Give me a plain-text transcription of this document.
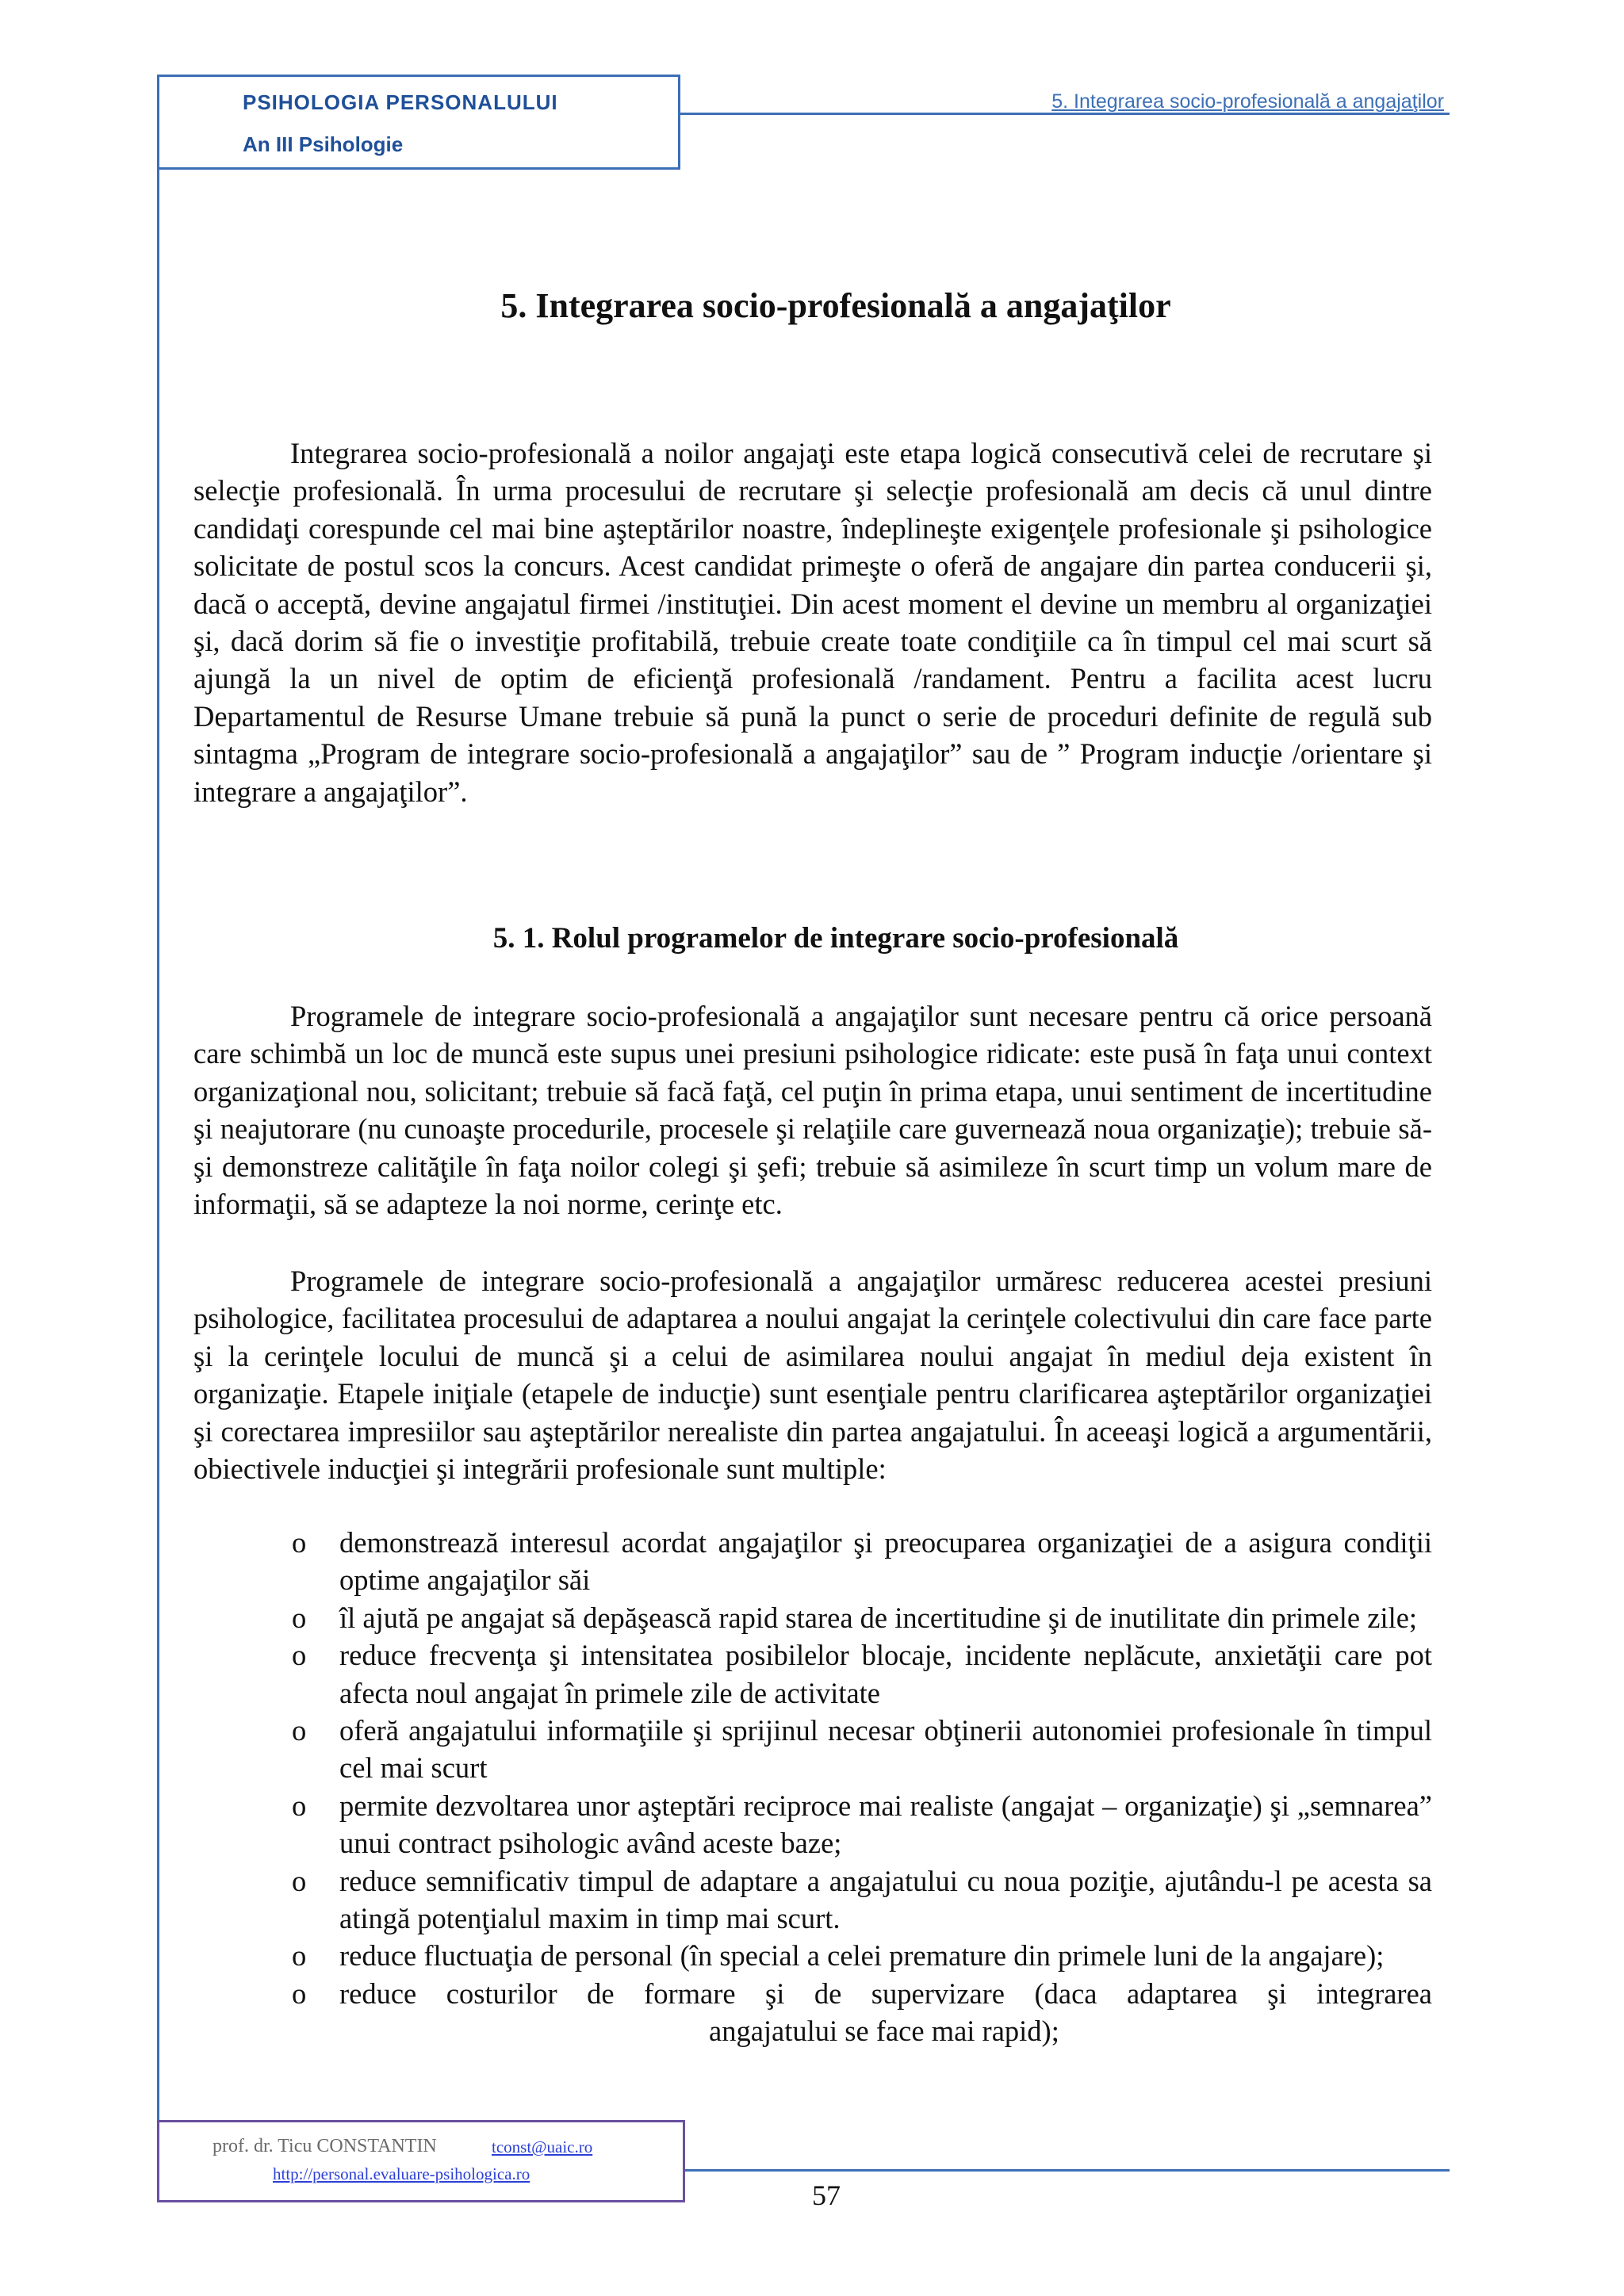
PSIHOLOGIA PERSONALULUI
An III Psihologie
5. Integrarea socio-profesională a angajaţilor
5. Integrarea socio-profesională a angajaţilor

Integrarea socio-profesională a noilor angajaţi este etapa logică consecutivă celei de recrutare şi selecţie profesională. În urma procesului de recrutare şi selecţie profesională am decis că unul dintre candidaţi corespunde cel mai bine aşteptărilor noastre, îndeplineşte exigenţele profesionale şi psihologice solicitate de postul scos la concurs. Acest candidat primeşte o oferă de angajare din partea conducerii şi, dacă o acceptă, devine angajatul firmei /instituţiei. Din acest moment el devine un membru al organizaţiei şi, dacă dorim să fie o investiţie profitabilă, trebuie create toate condiţiile ca în timpul cel mai scurt să ajungă la un nivel de optim de eficienţă profesională /randament. Pentru a facilita acest lucru Departamentul de Resurse Umane trebuie să pună la punct o serie de proceduri definite de regulă sub sintagma „Program de integrare socio-profesională a angajaţilor” sau de ” Program inducţie /orientare şi integrare a angajaţilor”.

5. 1. Rolul programelor de integrare socio-profesională

Programele de integrare socio-profesională a angajaţilor sunt necesare pentru că orice persoană care schimbă un loc de muncă este supus unei presiuni psihologice ridicate: este pusă în faţa unui context organizaţional nou, solicitant; trebuie să facă faţă, cel puţin în prima etapa, unui sentiment de incertitudine şi neajutorare (nu cunoaşte procedurile, procesele şi relaţiile care guvernează noua organizaţie); trebuie să-şi demonstreze calităţile în faţa noilor colegi şi şefi; trebuie să asimileze în scurt timp un volum mare de informaţii, să se adapteze la noi norme, cerinţe etc.

Programele de integrare socio-profesională a angajaţilor urmăresc reducerea acestei presiuni psihologice, facilitatea procesului de adaptarea a noului angajat la cerinţele colectivului din care face parte şi la cerinţele locului de muncă şi a celui de asimilarea noului angajat în mediul deja existent în organizaţie. Etapele iniţiale (etapele de inducţie) sunt esenţiale pentru clarificarea aşteptărilor organizaţiei şi corectarea impresiilor sau aşteptărilor nerealiste din partea angajatului. În aceeaşi logică a argumentării, obiectivele inducţiei şi integrării profesionale sunt multiple:

o demonstrează interesul acordat angajaţilor şi preocuparea organizaţiei de a asigura condiţii optime angajaţilor săi
o îl ajută pe angajat să depăşească rapid starea de incertitudine şi de inutilitate din primele zile;
o reduce frecvenţa şi intensitatea posibilelor blocaje, incidente neplăcute, anxietăţii care pot afecta noul angajat în primele zile de activitate
o oferă angajatului informaţiile şi sprijinul necesar obţinerii autonomiei profesionale în timpul cel mai scurt
o permite dezvoltarea unor aşteptări reciproce mai realiste (angajat – organizaţie) şi „semnarea” unui contract psihologic având aceste baze;
o reduce semnificativ timpul de adaptare a angajatului cu noua poziţie, ajutându-l pe acesta sa atingă potenţialul maxim in timp mai scurt.
o reduce fluctuaţia de personal (în special a celei premature din primele luni de la angajare);
o	reduce costurilor de formare şi de supervizare (daca adaptarea şi integrarea
angajatului se face mai rapid);
prof. dr. Ticu CONSTANTIN	tconst@uaic.ro
http://personal.evaluare-psihologica.ro
57
